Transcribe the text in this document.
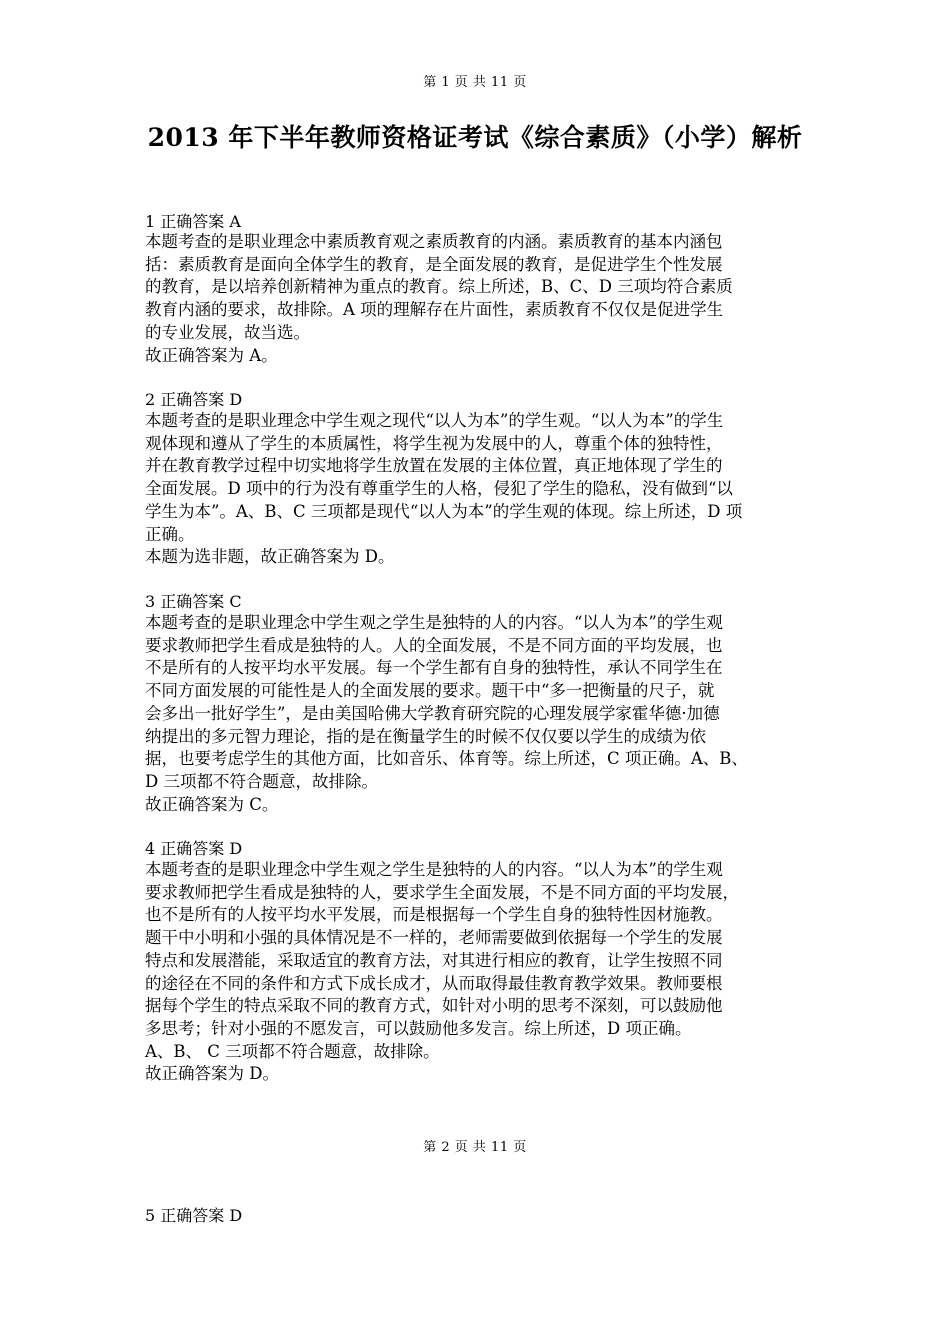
第 1 页 共 11 页
2013 年下半年教师资格证考试《综合素质》（小学）解析
1 正确答案 A
本题考查的是职业理念中素质教育观之素质教育的内涵。素质教育的基本内涵包
括：素质教育是面向全体学生的教育，是全面发展的教育，是促进学生个性发展
的教育，是以培养创新精神为重点的教育。综上所述，B、C、D 三项均符合素质
教育内涵的要求，故排除。A 项的理解存在片面性，素质教育不仅仅是促进学生
的专业发展，故当选。
故正确答案为 A。
2 正确答案 D
本题考查的是职业理念中学生观之现代“以人为本”的学生观。“以人为本”的学生
观体现和遵从了学生的本质属性，将学生视为发展中的人，尊重个体的独特性，
并在教育教学过程中切实地将学生放置在发展的主体位置，真正地体现了学生的
全面发展。D 项中的行为没有尊重学生的人格，侵犯了学生的隐私，没有做到“以
学生为本”。A、B、C 三项都是现代“以人为本”的学生观的体现。综上所述，D 项
正确。
本题为选非题，故正确答案为 D。
3 正确答案 C
本题考查的是职业理念中学生观之学生是独特的人的内容。“以人为本”的学生观
要求教师把学生看成是独特的人。人的全面发展，不是不同方面的平均发展，也
不是所有的人按平均水平发展。每一个学生都有自身的独特性，承认不同学生在
不同方面发展的可能性是人的全面发展的要求。题干中“多一把衡量的尺子，就
会多出一批好学生”，是由美国哈佛大学教育研究院的心理发展学家霍华德·加德
纳提出的多元智力理论，指的是在衡量学生的时候不仅仅要以学生的成绩为依
据，也要考虑学生的其他方面，比如音乐、体育等。综上所述，C 项正确。A、B、
D 三项都不符合题意，故排除。
故正确答案为 C。
4 正确答案 D
本题考查的是职业理念中学生观之学生是独特的人的内容。“以人为本”的学生观
要求教师把学生看成是独特的人，要求学生全面发展，不是不同方面的平均发展，
也不是所有的人按平均水平发展，而是根据每一个学生自身的独特性因材施教。
题干中小明和小强的具体情况是不一样的，老师需要做到依据每一个学生的发展
特点和发展潜能，采取适宜的教育方法，对其进行相应的教育，让学生按照不同
的途径在不同的条件和方式下成长成才，从而取得最佳教育教学效果。教师要根
据每个学生的特点采取不同的教育方式，如针对小明的思考不深刻，可以鼓励他
多思考；针对小强的不愿发言，可以鼓励他多发言。综上所述，D 项正确。
A、B、 C 三项都不符合题意，故排除。
故正确答案为 D。
第 2 页 共 11 页
5 正确答案 D
